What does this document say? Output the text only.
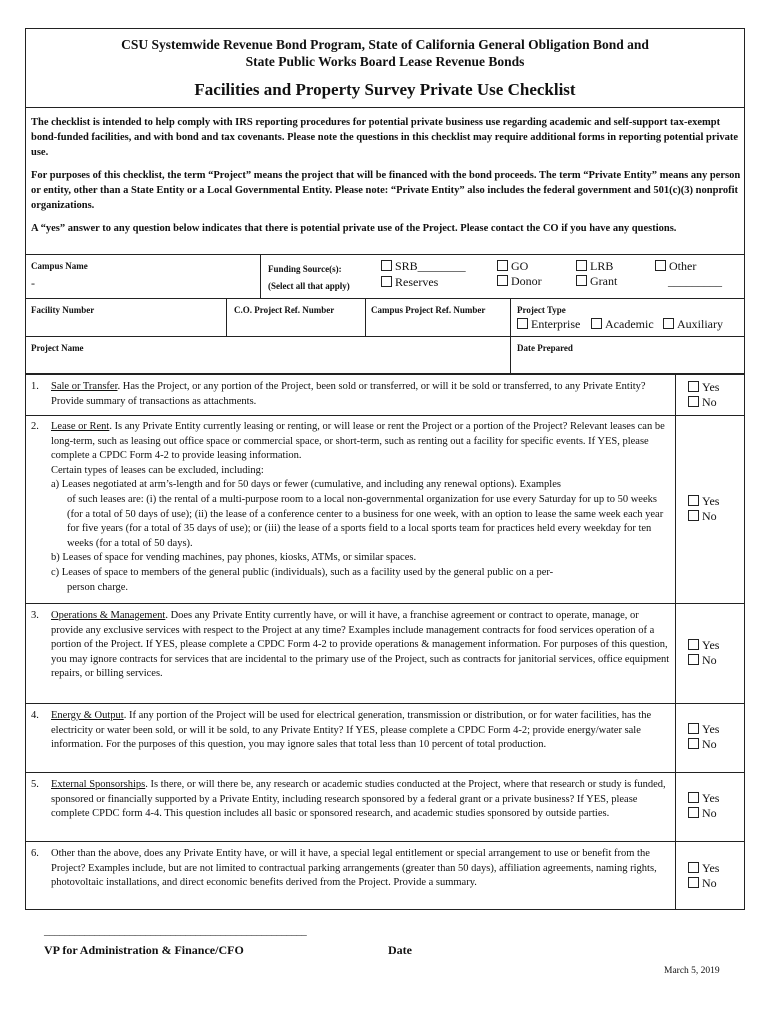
CSU Systemwide Revenue Bond Program, State of California General Obligation Bond and
State Public Works Board Lease Revenue Bonds
Facilities and Property Survey Private Use Checklist

The checklist is intended to help comply with IRS reporting procedures for potential private business use regarding academic and self-support tax-exempt bond-funded facilities, and with bond and tax covenants. Please note the questions in this checklist may require additional forms in reporting potential private use.

For purposes of this checklist, the term “Project” means the project that will be financed with the bond proceeds. The term “Private Entity” means any person or entity, other than a State Entity or a Local Governmental Entity. Please note: “Private Entity” also includes the federal government and 501(c)(3) nonprofit organizations.

A “yes” answer to any question below indicates that there is potential private use of the Project. Please contact the CO if you have any questions.

Campus Name
-
Funding Source(s):
(Select all that apply)
SRB________
Reserves
GO
Donor
LRB
Grant
Other
_________
Facility Number	C.O. Project Ref. Number	Campus Project Ref. Number	Project Type
Enterprise	Academic	Auxiliary
Project Name	Date Prepared
1.	Sale or Transfer. Has the Project, or any portion of the Project, been sold or transferred, or will it be sold or transferred, to any Private Entity? Provide summary of transactions as attachments.
Yes
No
2.	Lease or Rent. Is any Private Entity currently leasing or renting, or will lease or rent the Project or a portion of the Project? Relevant leases can be long-term, such as leasing out office space or commercial space, or short-term, such as renting out a facility for specific events. If YES, please complete a CPDC Form 4-2 to provide leasing information.
Certain types of leases can be excluded, including:
a) Leases negotiated at arm’s-length and for 50 days or fewer (cumulative, and including any renewal options). Examples
of such leases are: (i) the rental of a multi-purpose room to a local non-governmental organization for use every Saturday for up to 50 weeks (for a total of 50 days of use); (ii) the lease of a conference center to a business for one week, with an option to lease the same week each year for five years (for a total of 35 days of use); or (iii) the lease of a sports field to a local sports team for practices held every weekday for ten weeks (for a total of 50 days).
b) Leases of space for vending machines, pay phones, kiosks, ATMs, or similar spaces.
c) Leases of space to members of the general public (individuals), such as a facility used by the general public on a per-
person charge.
Yes
No
3.	Operations & Management. Does any Private Entity currently have, or will it have, a franchise agreement or contract to operate, manage, or provide any exclusive services with respect to the Project at any time? Examples include management contracts for food services operation of a portion of the Project. If YES, please complete a CPDC Form 4-2 to provide operations & management information. For purposes of this question, you may ignore contracts for services that are incidental to the primary use of the Project, such as contracts for janitorial services, office equipment repairs, or billing services.
Yes
No
4.	Energy & Output. If any portion of the Project will be used for electrical generation, transmission or distribution, or for water facilities, has the electricity or water been sold, or will it be sold, to any Private Entity? If YES, please complete a CPDC Form 4-2; provide energy/water sale information. For the purposes of this question, you may ignore sales that total less than 10 percent of total production.
Yes
No
5.	External Sponsorships. Is there, or will there be, any research or academic studies conducted at the Project, where that research or study is funded, sponsored or financially supported by a Private Entity, including research sponsored by a federal grant or a private business? If YES, please complete CPDC form 4-4. This question includes all basic or sponsored research, and academic studies sponsored by outside parties.
Yes
No
6.	Other than the above, does any Private Entity have, or will it have, a special legal entitlement or special arrangement to use or benefit from the Project? Examples include, but are not limited to contractual parking arrangements (greater than 50 days), affiliation agreements, naming rights, photovoltaic installations, and direct economic benefits derived from the Project. Provide a summary.
Yes
No
____________________________________________________
VP for Administration & Finance/CFO	Date
March 5, 2019
